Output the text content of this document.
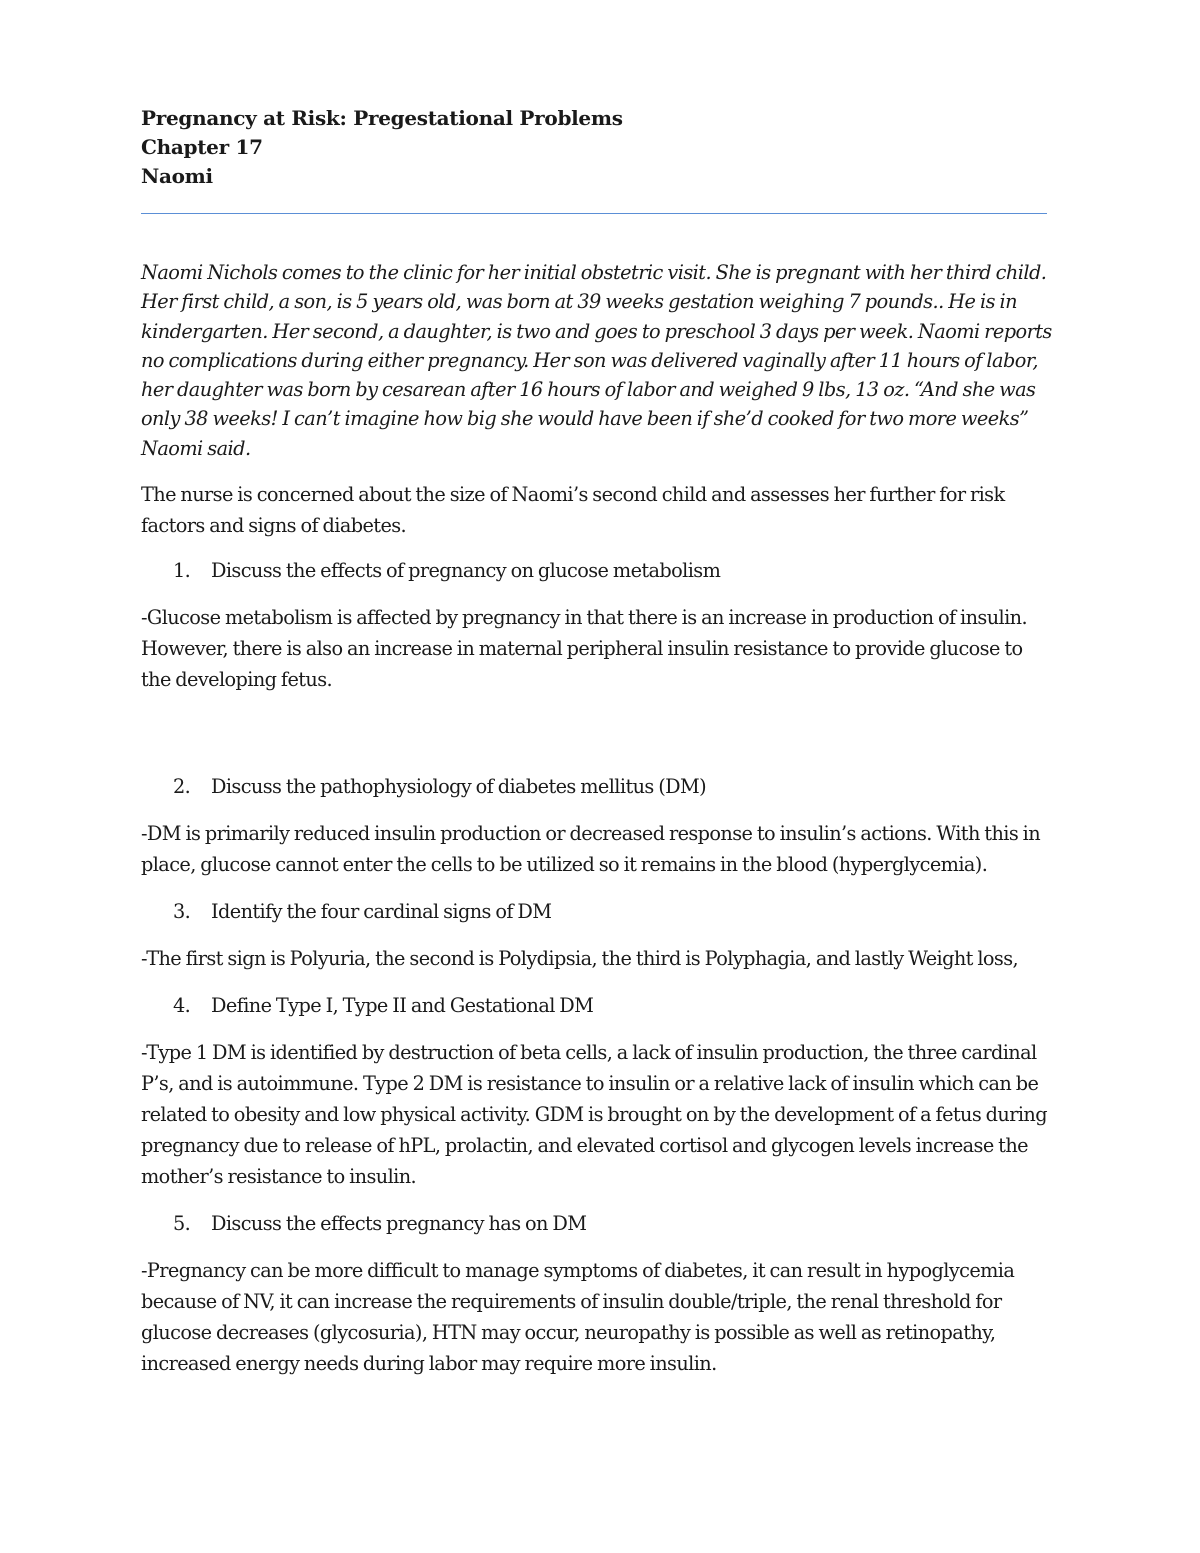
Pregnancy at Risk: Pregestational Problems

Chapter 17

Naomi

Naomi Nichols comes to the clinic for her initial obstetric visit. She is pregnant with her third child. Her first child, a son, is 5 years old, was born at 39 weeks gestation weighing 7 pounds.. He is in kindergarten. Her second, a daughter, is two and goes to preschool 3 days per week. Naomi reports no complications during either pregnancy. Her son was delivered vaginally after 11 hours of labor, her daughter was born by cesarean after 16 hours of labor and weighed 9 lbs, 13 oz. “And she was only 38 weeks! I can’t imagine how big she would have been if she’d cooked for two more weeks” Naomi said.

The nurse is concerned about the size of Naomi’s second child and assesses her further for risk factors and signs of diabetes.

1.	Discuss the effects of pregnancy on glucose metabolism

-Glucose metabolism is affected by pregnancy in that there is an increase in production of insulin. However, there is also an increase in maternal peripheral insulin resistance to provide glucose to the developing fetus.

2.	Discuss the pathophysiology of diabetes mellitus (DM)

-DM is primarily reduced insulin production or decreased response to insulin’s actions. With this in place, glucose cannot enter the cells to be utilized so it remains in the blood (hyperglycemia).

3.	Identify the four cardinal signs of DM

-The first sign is Polyuria, the second is Polydipsia, the third is Polyphagia, and lastly Weight loss,

4.	Define Type I, Type II and Gestational DM

-Type 1 DM is identified by destruction of beta cells, a lack of insulin production, the three cardinal P’s, and is autoimmune. Type 2 DM is resistance to insulin or a relative lack of insulin which can be related to obesity and low physical activity. GDM is brought on by the development of a fetus during pregnancy due to release of hPL, prolactin, and elevated cortisol and glycogen levels increase the mother’s resistance to insulin.

5.	Discuss the effects pregnancy has on DM

-Pregnancy can be more difficult to manage symptoms of diabetes, it can result in hypoglycemia because of NV, it can increase the requirements of insulin double/triple, the renal threshold for glucose decreases (glycosuria), HTN may occur, neuropathy is possible as well as retinopathy, increased energy needs during labor may require more insulin.
